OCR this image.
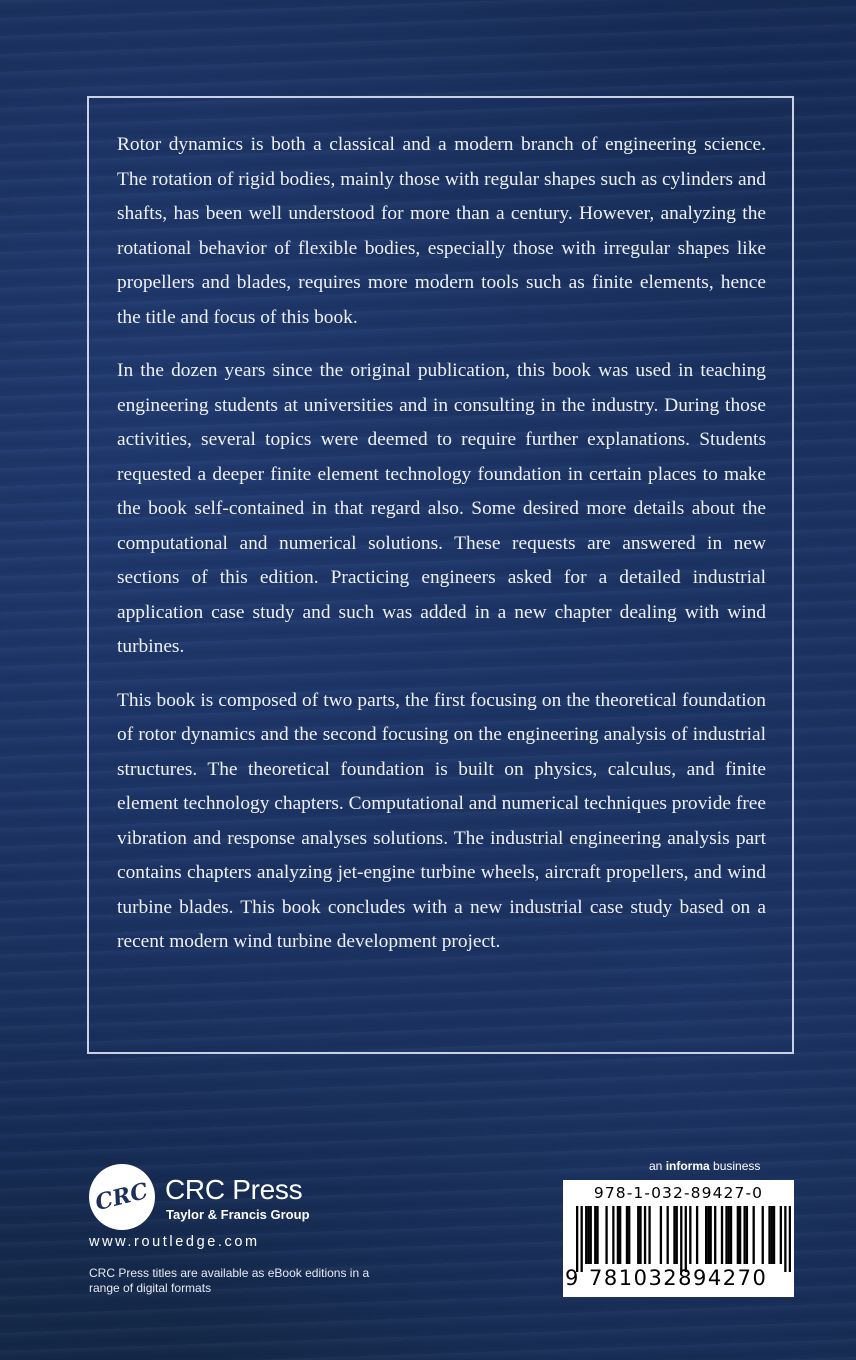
Rotor dynamics is both a classical and a modern branch of engineering science. The rotation of rigid bodies, mainly those with regular shapes such as cylinders and shafts, has been well understood for more than a century. However, analyzing the rotational behavior of flexible bodies, especially those with irregular shapes like propellers and blades, requires more modern tools such as finite elements, hence the title and focus of this book.

In the dozen years since the original publication, this book was used in teaching engineering students at universities and in consulting in the industry. During those activities, several topics were deemed to require further explanations. Students requested a deeper finite element technology foundation in certain places to make the book self-contained in that regard also. Some desired more details about the computational and numerical solutions. These requests are answered in new sections of this edition. Practicing engineers asked for a detailed industrial application case study and such was added in a new chapter dealing with wind turbines.

This book is composed of two parts, the first focusing on the theoretical foundation of rotor dynamics and the second focusing on the engineering analysis of industrial structures. The theoretical foundation is built on physics, calculus, and finite element technology chapters. Computational and numerical techniques provide free vibration and response analyses solutions. The industrial engineering analysis part contains chapters analyzing jet-engine turbine wheels, aircraft propellers, and wind turbine blades. This book concludes with a new industrial case study based on a recent modern wind turbine development project.

CRC CRC Press
Taylor & Francis Group
www.routledge.com
CRC Press titles are available as eBook editions in a range of digital formats
an informa business
978-1-032-89427-0
9 781032894270
